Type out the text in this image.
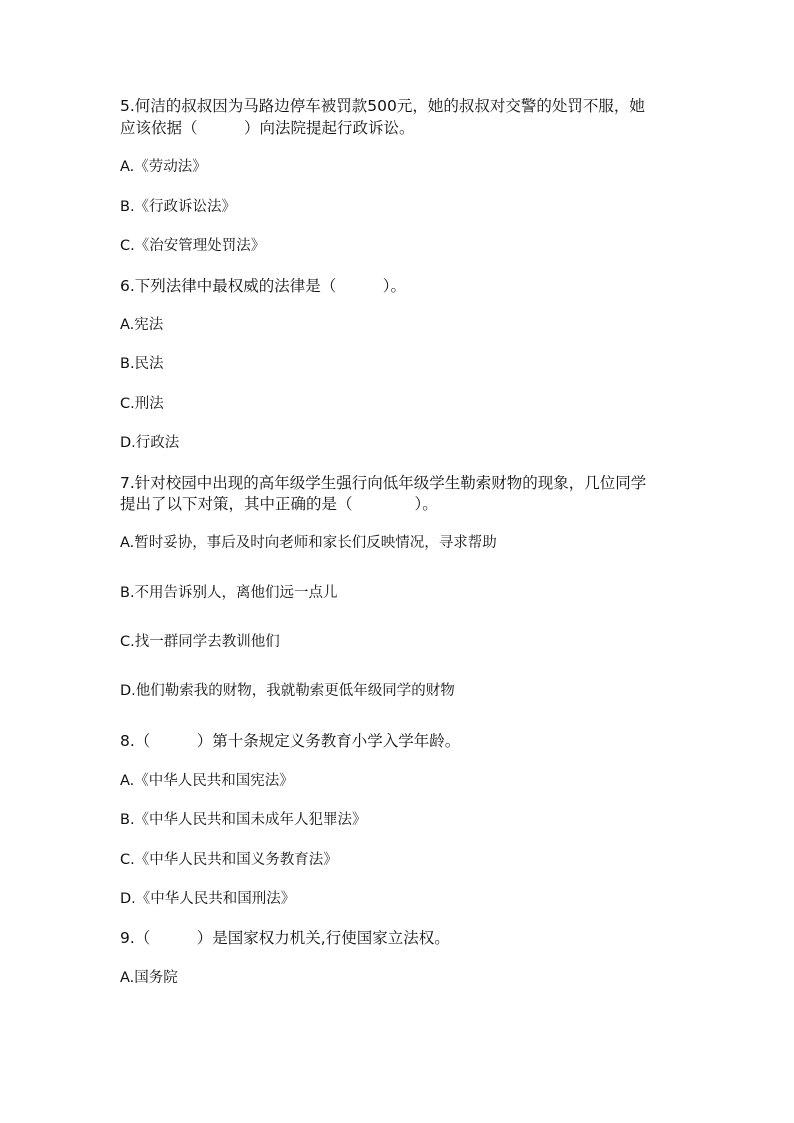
5.何洁的叔叔因为马路边停车被罚款500元，她的叔叔对交警的处罚不服，她
应该依据（　　　）向法院提起行政诉讼。
A.《劳动法》
B.《行政诉讼法》
C.《治安管理处罚法》
6.下列法律中最权威的法律是（　　　）。
A.宪法
B.民法
C.刑法
D.行政法
7.针对校园中出现的高年级学生强行向低年级学生勒索财物的现象，几位同学
提出了以下对策，其中正确的是（　　　　）。
A.暂时妥协，事后及时向老师和家长们反映情况，寻求帮助
B.不用告诉别人，离他们远一点儿
C.找一群同学去教训他们
D.他们勒索我的财物，我就勒索更低年级同学的财物
8.（　　　）第十条规定义务教育小学入学年龄。
A.《中华人民共和国宪法》
B.《中华人民共和国未成年人犯罪法》
C.《中华人民共和国义务教育法》
D.《中华人民共和国刑法》
9.（　　　）是国家权力机关,行使国家立法权。
A.国务院
